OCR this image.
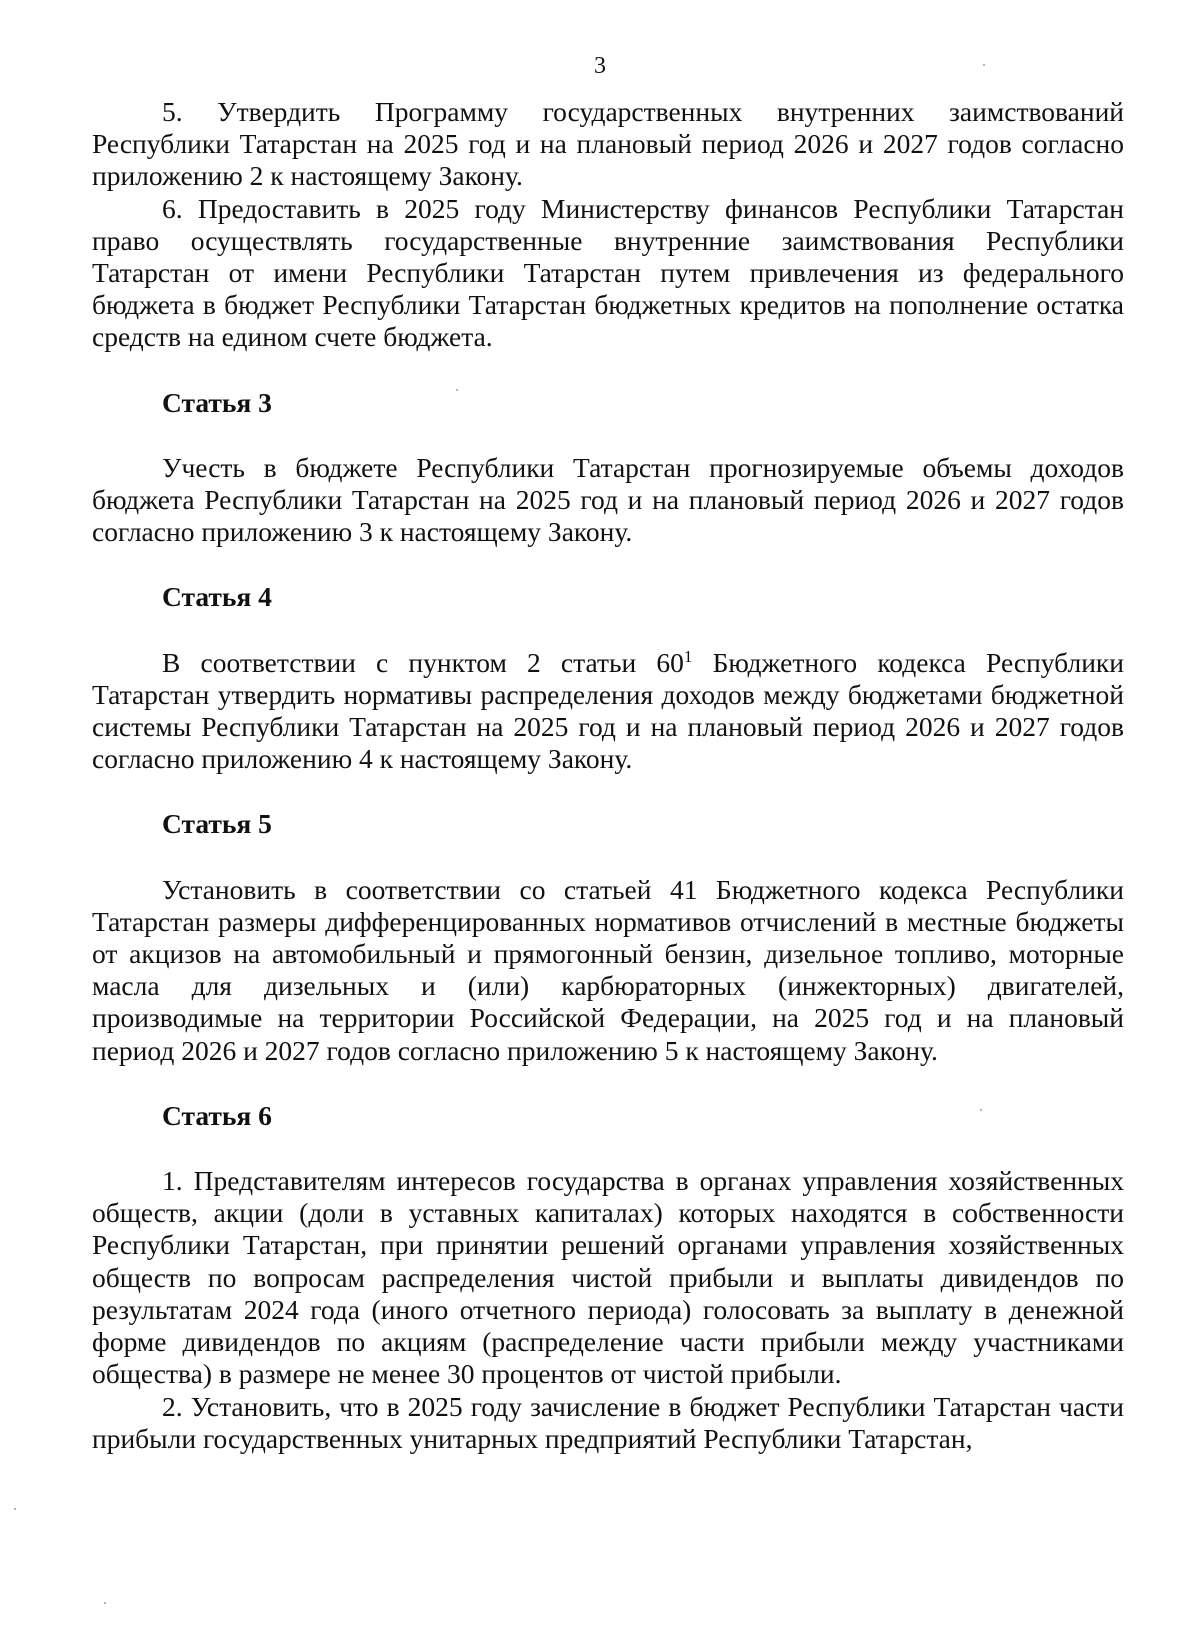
3

5. Утвердить Программу государственных внутренних заимствований Республики Татарстан на 2025 год и на плановый период 2026 и 2027 годов согласно приложению 2 к настоящему Закону.

6. Предоставить в 2025 году Министерству финансов Республики Татарстан право осуществлять государственные внутренние заимствования Республики Татарстан от имени Республики Татарстан путем привлечения из федерального бюджета в бюджет Республики Татарстан бюджетных кредитов на пополнение остатка средств на едином счете бюджета.

Статья 3

Учесть в бюджете Республики Татарстан прогнозируемые объемы доходов бюджета Республики Татарстан на 2025 год и на плановый период 2026 и 2027 годов согласно приложению 3 к настоящему Закону.

Статья 4

В соответствии с пунктом 2 статьи $60^1$ Бюджетного кодекса Республики Татарстан утвердить нормативы распределения доходов между бюджетами бюджетной системы Республики Татарстан на 2025 год и на плановый период 2026 и 2027 годов согласно приложению 4 к настоящему Закону.

Статья 5

Установить в соответствии со статьей 41 Бюджетного кодекса Республики Татарстан размеры дифференцированных нормативов отчислений в местные бюджеты от акцизов на автомобильный и прямогонный бензин, дизельное топливо, моторные масла для дизельных и (или) карбюраторных (инжекторных) двигателей, производимые на территории Российской Федерации, на 2025 год и на плановый период 2026 и 2027 годов согласно приложению 5 к настоящему Закону.

Статья 6

1. Представителям интересов государства в органах управления хозяйственных обществ, акции (доли в уставных капиталах) которых находятся в собственности Республики Татарстан, при принятии решений органами управления хозяйственных обществ по вопросам распределения чистой прибыли и выплаты дивидендов по результатам 2024 года (иного отчетного периода) голосовать за выплату в денежной форме дивидендов по акциям (распределение части прибыли между участниками общества) в размере не менее 30 процентов от чистой прибыли.

2. Установить, что в 2025 году зачисление в бюджет Республики Татарстан части прибыли государственных унитарных предприятий Республики Татарстан,
